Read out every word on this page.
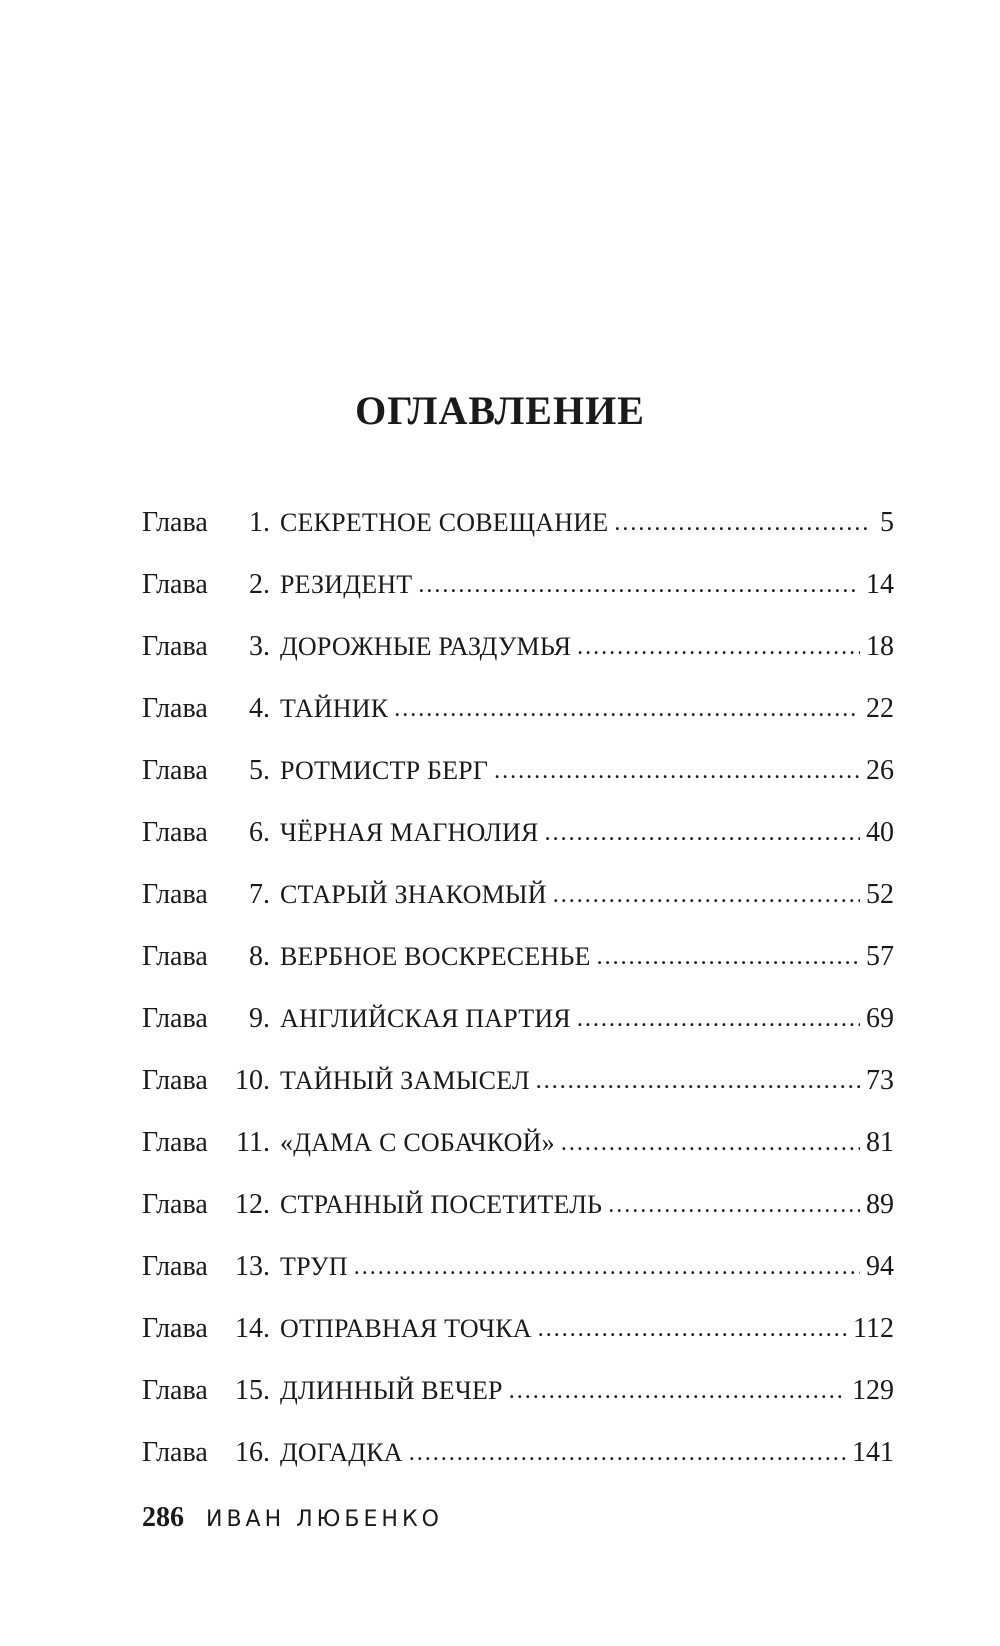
ОГЛАВЛЕНИЕ
Глава	1. СЕКРЕТНОЕ СОВЕЩАНИЕ . . .	5
Глава	2. РЕЗИДЕНТ . . .	14
Глава	3. ДОРОЖНЫЕ РАЗДУМЬЯ . . .	18
Глава	4. ТАЙНИК . . .	22
Глава	5. РОТМИСТР БЕРГ . . .	26
Глава	6. ЧЁРНАЯ МАГНОЛИЯ . . .	40
Глава	7. СТАРЫЙ ЗНАКОМЫЙ . . .	52
Глава	8. ВЕРБНОЕ ВОСКРЕСЕНЬЕ . . .	57
Глава	9. АНГЛИЙСКАЯ ПАРТИЯ . . .	69
Глава 10. ТАЙНЫЙ ЗАМЫСЕЛ . . .	73
Глава	11. «ДАМА С СОБАЧКОЙ» . . .	81
Глава 12. СТРАННЫЙ ПОСЕТИТЕЛЬ . . .	89
Глава 13. ТРУП . . .	94
Глава 14. ОТПРАВНАЯ ТОЧКА . . .	112
Глава 15. ДЛИННЫЙ ВЕЧЕР . . .	129
Глава 16. ДОГАДКА . . .	141
286 ИВАН ЛЮБЕНКО
